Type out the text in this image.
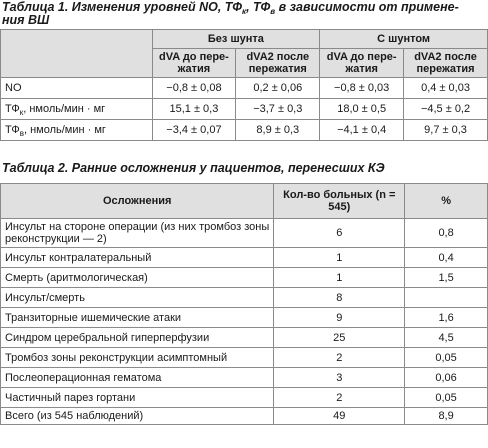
Таблица 1. Изменения уровней NO, $ТФ_к$, $ТФ_в$ в зависимости от примене-ния ВШ

	Без шунта		С шунтом	
	dVA до пере-жатия	dVA2 после пережатия	dVA до пере-жатия	dVA2 после пережатия
NO	−0,8 ± 0,08	0,2 ± 0,06	−0,8 ± 0,03	0,4 ± 0,03
$ТФ_к$, нмоль/мин · мг	15,1 ± 0,3	−3,7 ± 0,3	18,0 ± 0,5	−4,5 ± 0,2
$ТФ_в$, нмоль/мин · мг	−3,4 ± 0,07	8,9 ± 0,3	−4,1 ± 0,4	9,7 ± 0,3

Таблица 2. Ранние осложнения у пациентов, перенесших КЭ

Осложнения	Кол-во больных (n = 545)	%
Инсульт на стороне операции (из них тромбоз зоны реконструкции — 2)	6	0,8
Инсульт контралатеральный	1	0,4
Смерть (аритмологическая)	1	1,5
Инсульт/смерть	8	
Транзиторные ишемические атаки	9	1,6
Синдром церебральной гиперперфузии	25	4,5
Тромбоз зоны реконструкции асимптомный	2	0,05
Послеоперационная гематома	3	0,06
Частичный парез гортани	2	0,05
Всего (из 545 наблюдений)	49	8,9
